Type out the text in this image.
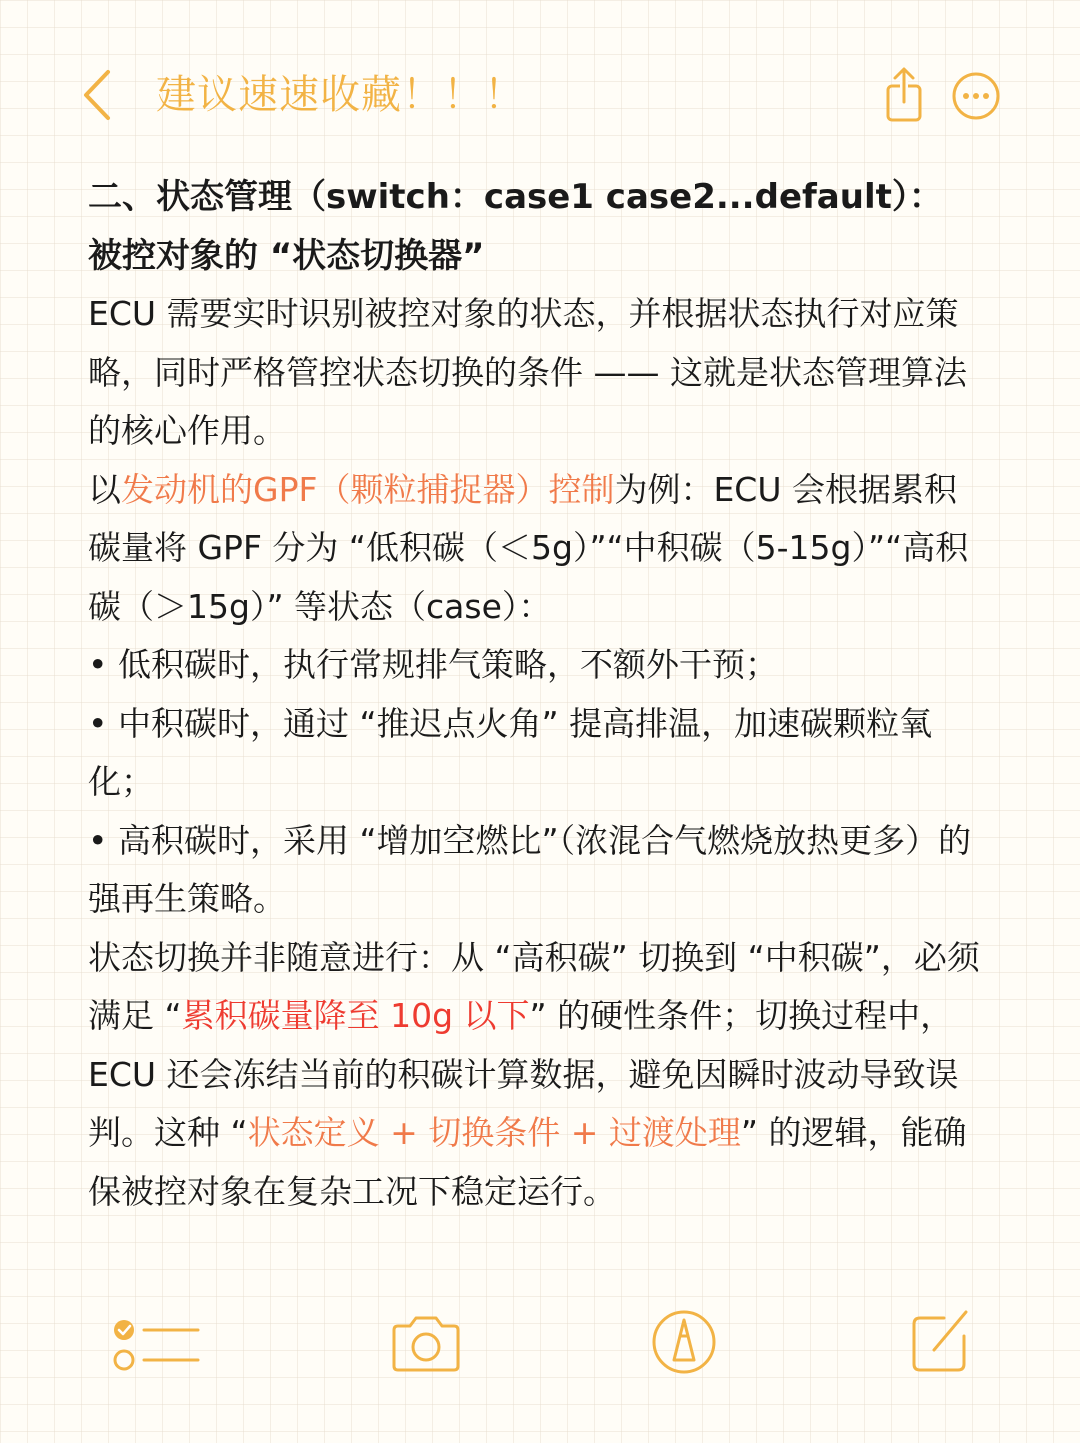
建议速速收藏！！！

二、状态管理（switch：case1 case2...default）：
被控对象的 “状态切换器”

ECU 需要实时识别被控对象的状态，并根据状态执行对应策略，同时严格管控状态切换的条件 —— 这就是状态管理算法的核心作用。

以发动机的GPF（颗粒捕捉器）控制为例：ECU 会根据累积碳量将 GPF 分为 “低积碳（＜5g）”“中积碳（5-15g）”“高积碳（＞15g）” 等状态（case）：

• 低积碳时，执行常规排气策略，不额外干预；

• 中积碳时，通过 “推迟点火角” 提高排温，加速碳颗粒氧化；

• 高积碳时，采用 “增加空燃比”（浓混合气燃烧放热更多）的强再生策略。

状态切换并非随意进行：从 “高积碳” 切换到 “中积碳”，必须满足 “累积碳量降至 10g 以下” 的硬性条件；切换过程中，ECU 还会冻结当前的积碳计算数据，避免因瞬时波动导致误判。这种 “状态定义 + 切换条件 + 过渡处理” 的逻辑，能确保被控对象在复杂工况下稳定运行。
